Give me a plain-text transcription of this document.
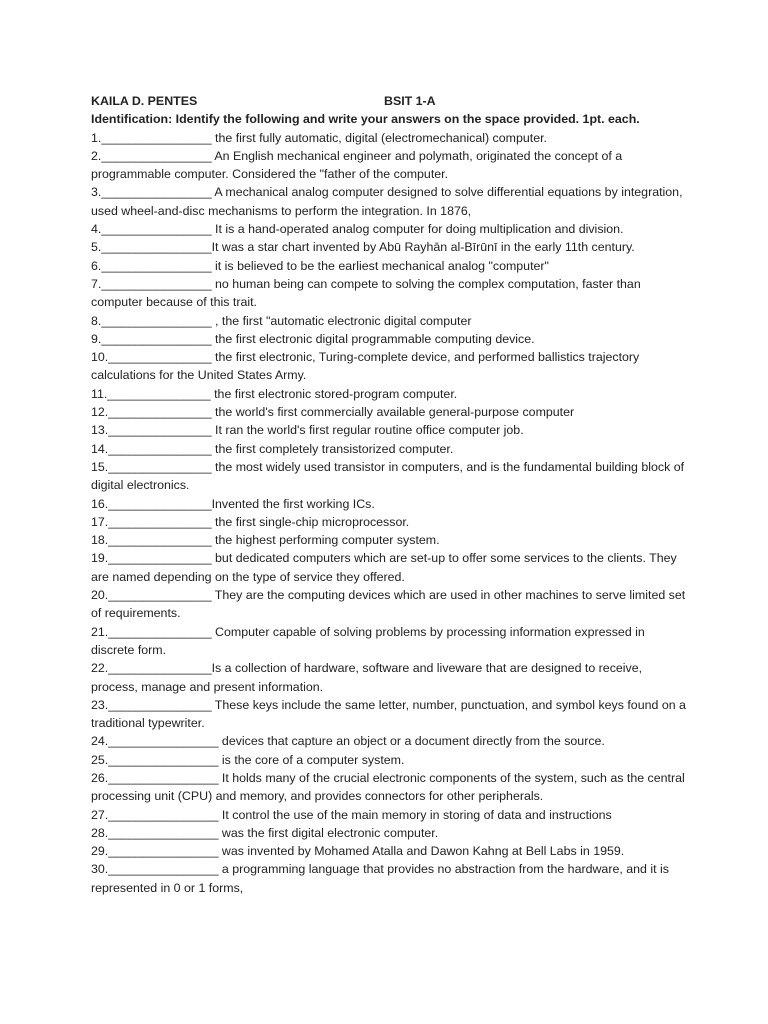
KAILA D. PENTES	BSIT 1-A
Identification: Identify the following and write your answers on the space provided. 1pt. each.
1.________________ the first fully automatic, digital (electromechanical) computer.
2.________________ An English mechanical engineer and polymath, originated the concept of a programmable computer. Considered the "father of the computer.
3.________________ A mechanical analog computer designed to solve differential equations by integration, used wheel-and-disc mechanisms to perform the integration. In 1876,
4.________________ It is a hand-operated analog computer for doing multiplication and division.
5.________________It was a star chart invented by Abū Rayhān al-Bīrūnī in the early 11th century.
6.________________ it is believed to be the earliest mechanical analog "computer"
7.________________ no human being can compete to solving the complex computation, faster than computer because of this trait.
8.________________ , the first "automatic electronic digital computer
9.________________ the first electronic digital programmable computing device.
10._______________ the first electronic, Turing-complete device, and performed ballistics trajectory calculations for the United States Army.
11._______________ the first electronic stored-program computer.
12._______________ the world's first commercially available general-purpose computer
13._______________ It ran the world's first regular routine office computer job.
14._______________ the first completely transistorized computer.
15._______________ the most widely used transistor in computers, and is the fundamental building block of digital electronics.
16._______________Invented the first working ICs.
17._______________ the first single-chip microprocessor.
18._______________ the highest performing computer system.
19._______________ but dedicated computers which are set-up to offer some services to the clients. They are named depending on the type of service they offered.
20._______________ They are the computing devices which are used in other machines to serve limited set of requirements.
21._______________ Computer capable of solving problems by processing information expressed in discrete form.
22._______________Is a collection of hardware, software and liveware that are designed to receive, process, manage and present information.
23._______________ These keys include the same letter, number, punctuation, and symbol keys found on a traditional typewriter.
24.________________ devices that capture an object or a document directly from the source.
25.________________ is the core of a computer system.
26.________________ It holds many of the crucial electronic components of the system, such as the central processing unit (CPU) and memory, and provides connectors for other peripherals.
27.________________ It control the use of the main memory in storing of data and instructions
28.________________ was the first digital electronic computer.
29.________________ was invented by Mohamed Atalla and Dawon Kahng at Bell Labs in 1959.
30.________________ a programming language that provides no abstraction from the hardware, and it is represented in 0 or 1 forms,
